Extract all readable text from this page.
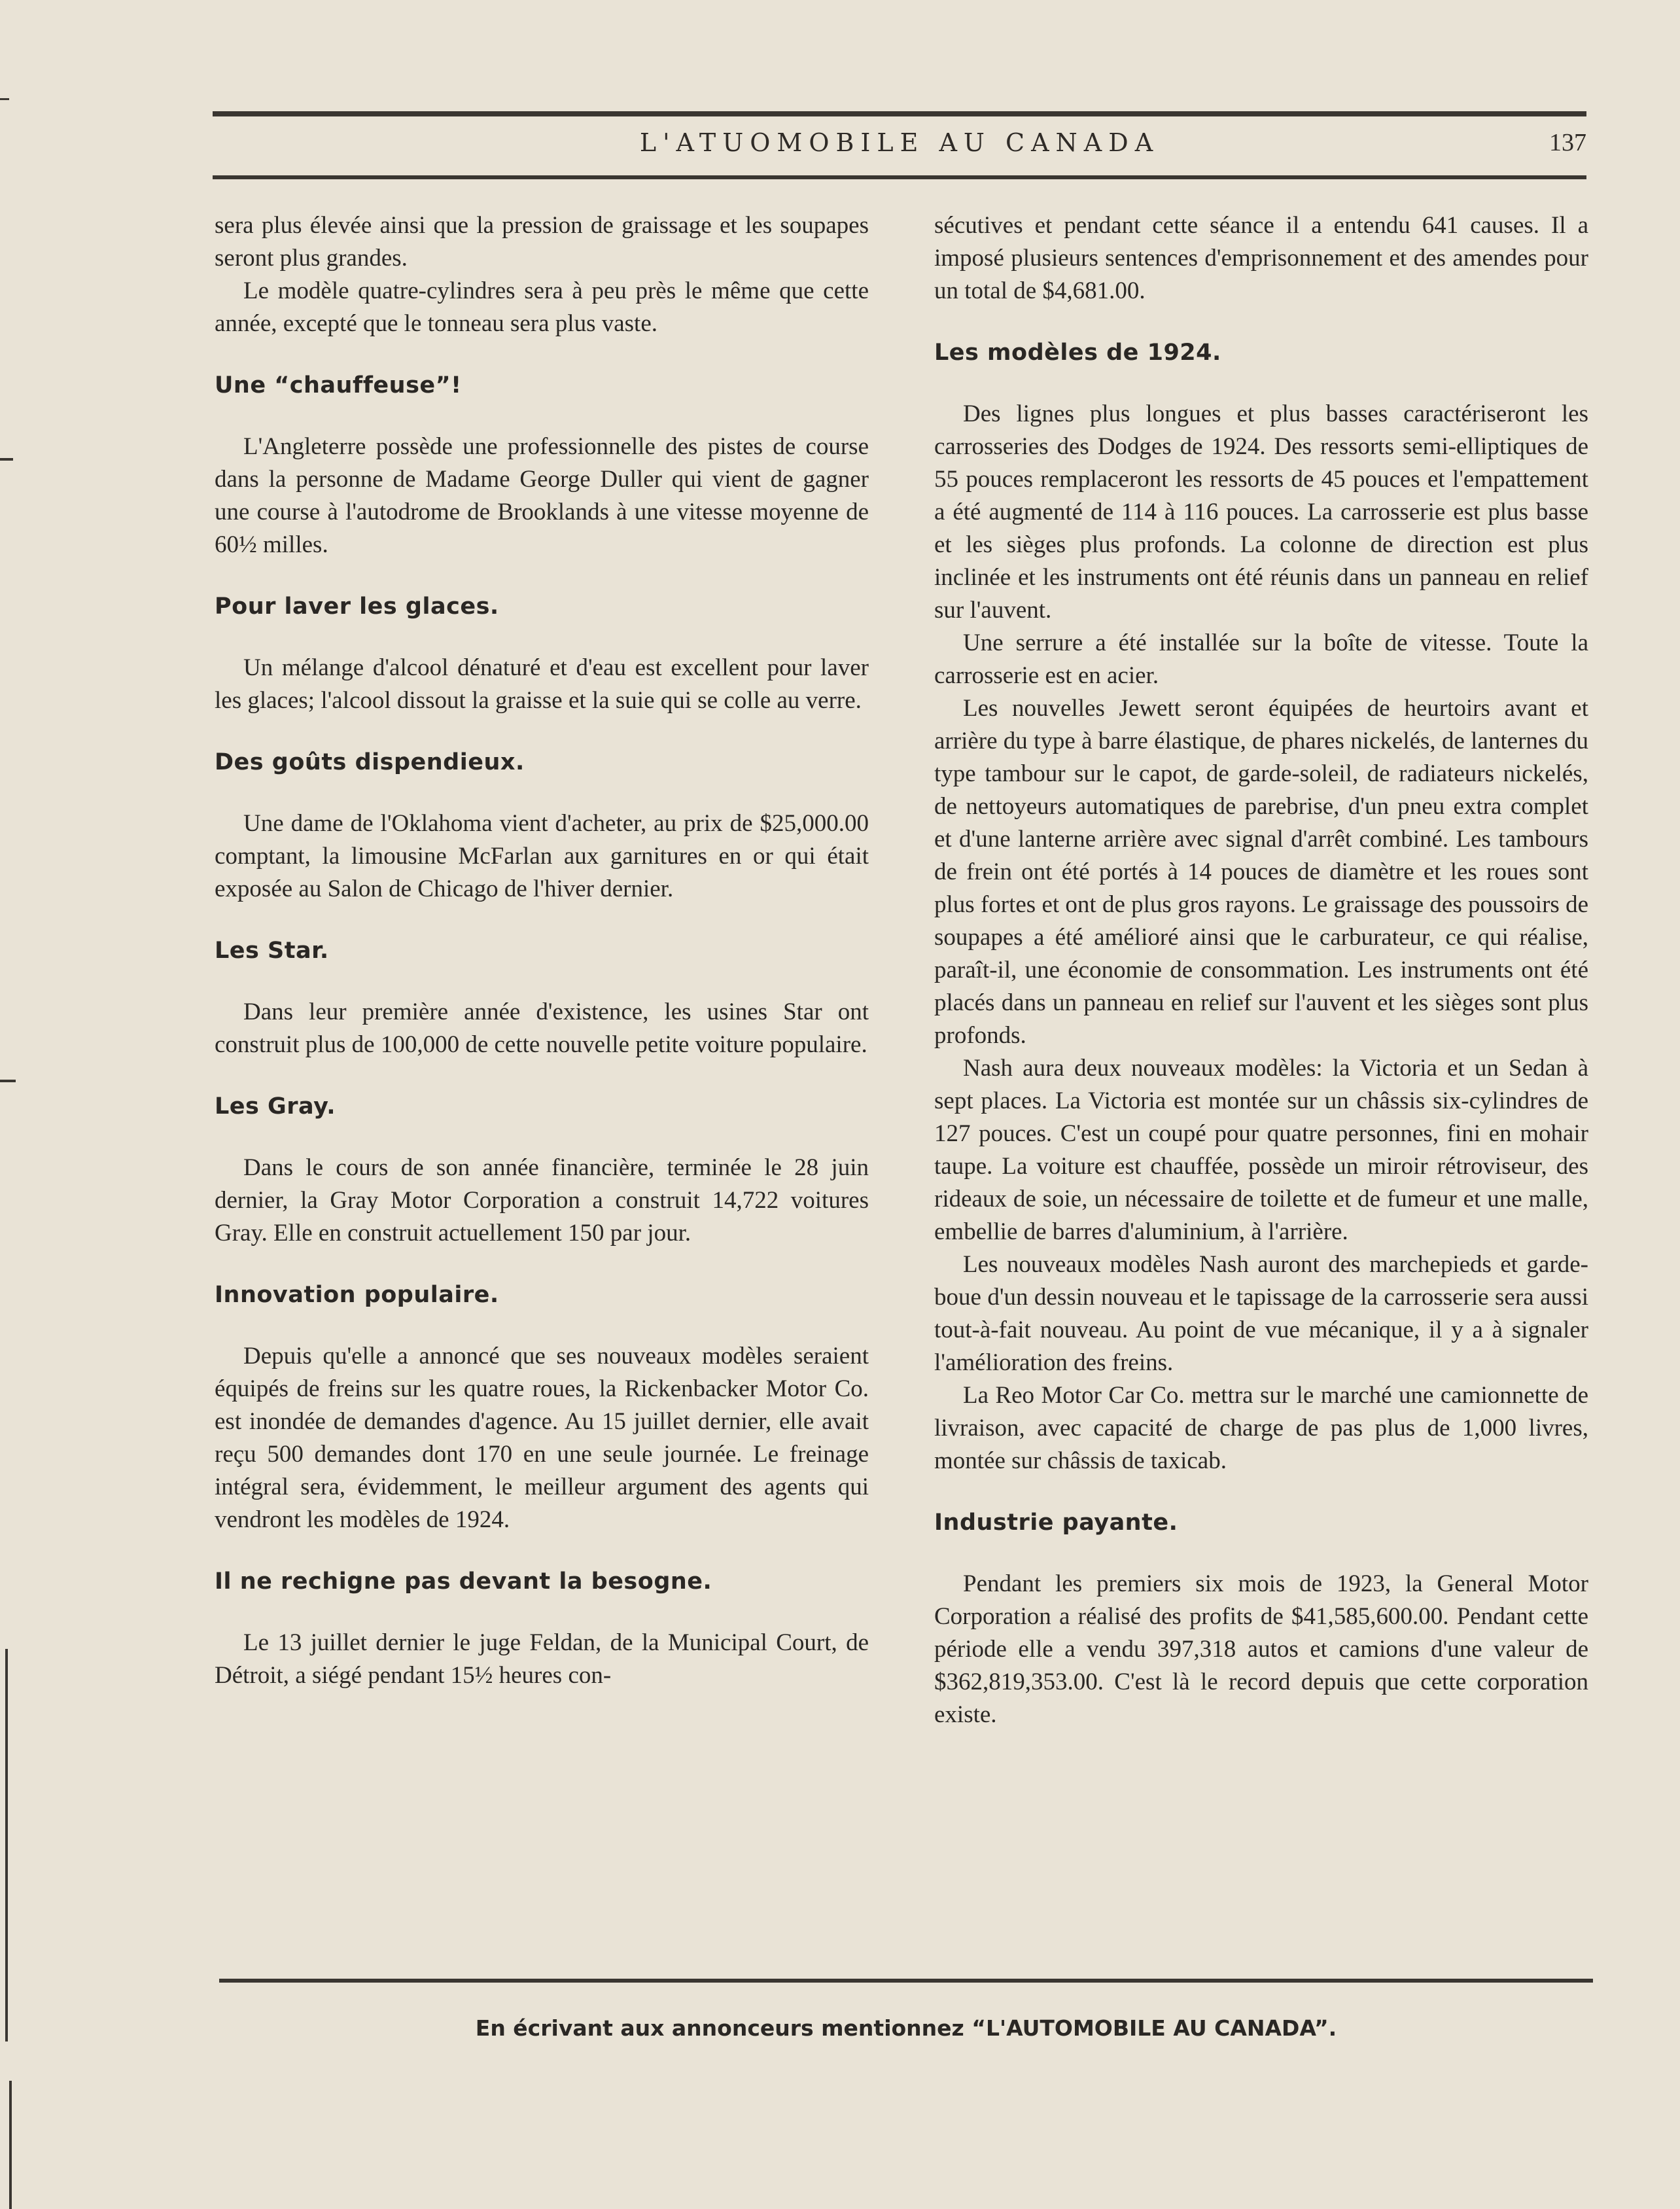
L'ATUOMOBILE AU CANADA	137

sera plus élevée ainsi que la pression de graissage et les soupapes seront plus grandes.

Le modèle quatre-cylindres sera à peu près le même que cette année, excepté que le tonneau sera plus vaste.

Une “chauffeuse”!

L'Angleterre possède une professionnelle des pistes de course dans la personne de Madame George Duller qui vient de gagner une course à l'autodrome de Brooklands à une vitesse moyenne de 60½ milles.

Pour laver les glaces.

Un mélange d'alcool dénaturé et d'eau est excellent pour laver les glaces; l'alcool dissout la graisse et la suie qui se colle au verre.

Des goûts dispendieux.

Une dame de l'Oklahoma vient d'acheter, au prix de $25,000.00 comptant, la limousine McFarlan aux garnitures en or qui était exposée au Salon de Chicago de l'hiver dernier.

Les Star.

Dans leur première année d'existence, les usines Star ont construit plus de 100,000 de cette nouvelle petite voiture populaire.

Les Gray.

Dans le cours de son année financière, terminée le 28 juin dernier, la Gray Motor Corporation a construit 14,722 voitures Gray. Elle en construit actuellement 150 par jour.

Innovation populaire.

Depuis qu'elle a annoncé que ses nouveaux modèles seraient équipés de freins sur les quatre roues, la Rickenbacker Motor Co. est inondée de demandes d'agence. Au 15 juillet dernier, elle avait reçu 500 demandes dont 170 en une seule journée. Le freinage intégral sera, évidemment, le meilleur argument des agents qui vendront les modèles de 1924.

Il ne rechigne pas devant la besogne.

Le 13 juillet dernier le juge Feldan, de la Municipal Court, de Détroit, a siégé pendant 15½ heures con-

sécutives et pendant cette séance il a entendu 641 causes. Il a imposé plusieurs sentences d'emprisonnement et des amendes pour un total de $4,681.00.

Les modèles de 1924.

Des lignes plus longues et plus basses caractériseront les carrosseries des Dodges de 1924. Des ressorts semi-elliptiques de 55 pouces remplaceront les ressorts de 45 pouces et l'empattement a été augmenté de 114 à 116 pouces. La carrosserie est plus basse et les sièges plus profonds. La colonne de direction est plus inclinée et les instruments ont été réunis dans un panneau en relief sur l'auvent.

Une serrure a été installée sur la boîte de vitesse. Toute la carrosserie est en acier.

Les nouvelles Jewett seront équipées de heurtoirs avant et arrière du type à barre élastique, de phares nickelés, de lanternes du type tambour sur le capot, de garde-soleil, de radiateurs nickelés, de nettoyeurs automatiques de parebrise, d'un pneu extra complet et d'une lanterne arrière avec signal d'arrêt combiné. Les tambours de frein ont été portés à 14 pouces de diamètre et les roues sont plus fortes et ont de plus gros rayons. Le graissage des poussoirs de soupapes a été amélioré ainsi que le carburateur, ce qui réalise, paraît-il, une économie de consommation. Les instruments ont été placés dans un panneau en relief sur l'auvent et les sièges sont plus profonds.

Nash aura deux nouveaux modèles: la Victoria et un Sedan à sept places. La Victoria est montée sur un châssis six-cylindres de 127 pouces. C'est un coupé pour quatre personnes, fini en mohair taupe. La voiture est chauffée, possède un miroir rétroviseur, des rideaux de soie, un nécessaire de toilette et de fumeur et une malle, embellie de barres d'aluminium, à l'arrière.

Les nouveaux modèles Nash auront des marchepieds et garde-boue d'un dessin nouveau et le tapissage de la carrosserie sera aussi tout-à-fait nouveau. Au point de vue mécanique, il y a à signaler l'amélioration des freins.

La Reo Motor Car Co. mettra sur le marché une camionnette de livraison, avec capacité de charge de pas plus de 1,000 livres, montée sur châssis de taxicab.

Industrie payante.

Pendant les premiers six mois de 1923, la General Motor Corporation a réalisé des profits de $41,585,600.00. Pendant cette période elle a vendu 397,318 autos et camions d'une valeur de $362,819,353.00. C'est là le record depuis que cette corporation existe.

En écrivant aux annonceurs mentionnez “L'AUTOMOBILE AU CANADA”.
